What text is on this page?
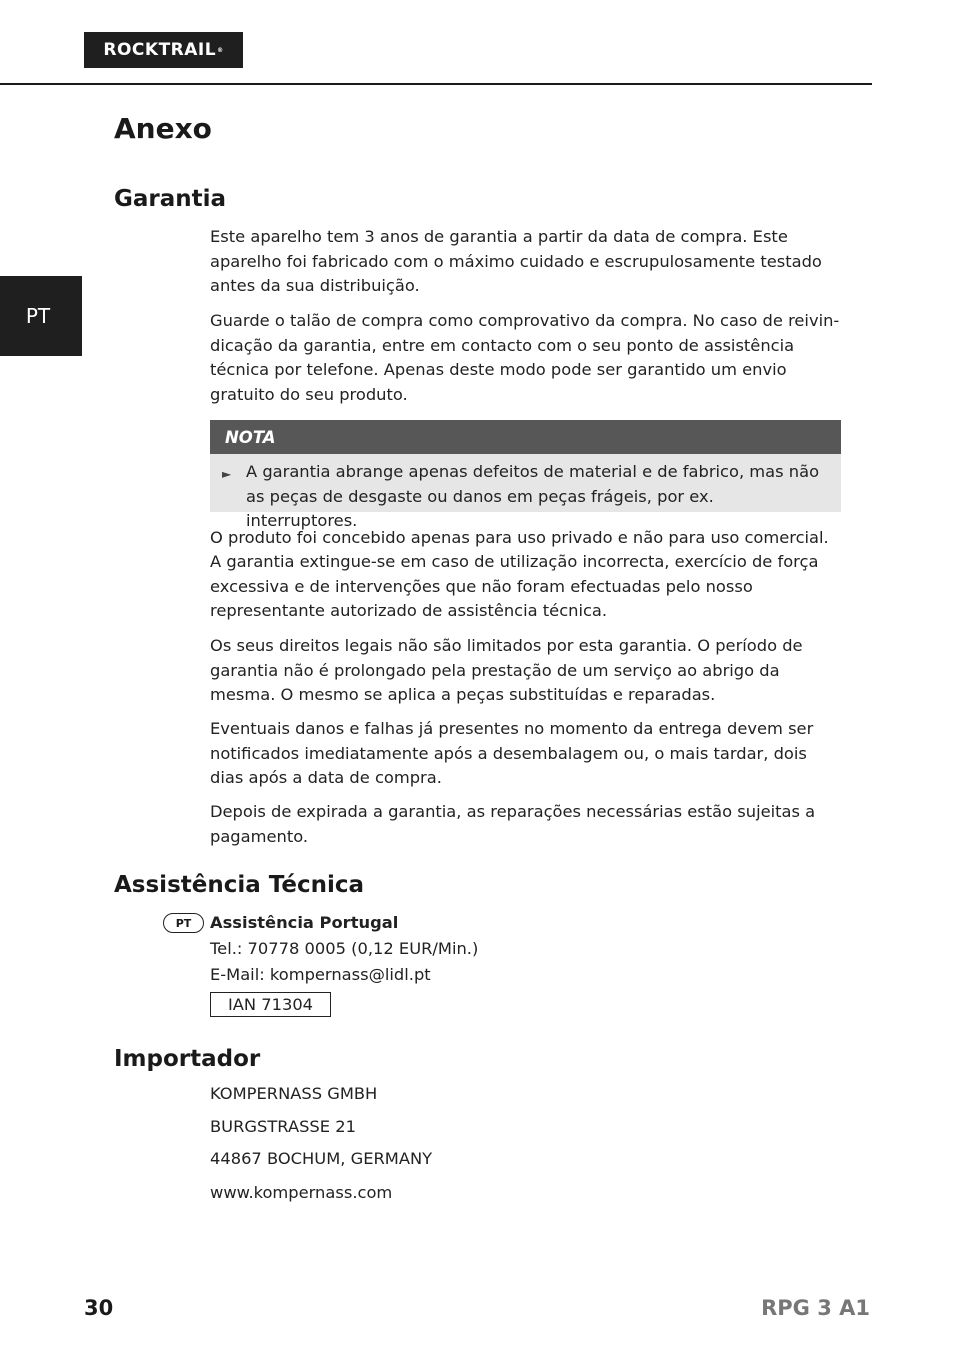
ROCKTRAIL ®
PT
Anexo
Garantia

Este aparelho tem 3 anos de garantia a partir da data de compra. Este aparelho foi fabricado com o máximo cuidado e escrupulosamente testado antes da sua distribuição.

Guarde o talão de compra como comprovativo da compra. No caso de reivin-dicação da garantia, entre em contacto com o seu ponto de assistência técnica por telefone. Apenas deste modo pode ser garantido um envio gratuito do seu produto.

NOTA
► A garantia abrange apenas defeitos de material e de fabrico, mas não as peças de desgaste ou danos em peças frágeis, por ex. interruptores.

O produto foi concebido apenas para uso privado e não para uso comercial.

A garantia extingue-se em caso de utilização incorrecta, exercício de força excessiva e de intervenções que não foram efectuadas pelo nosso representante autorizado de assistência técnica.

Os seus direitos legais não são limitados por esta garantia. O período de garantia não é prolongado pela prestação de um serviço ao abrigo da mesma. O mesmo se aplica a peças substituídas e reparadas.

Eventuais danos e falhas já presentes no momento da entrega devem ser notificados imediatamente após a desembalagem ou, o mais tardar, dois dias após a data de compra.

Depois de expirada a garantia, as reparações necessárias estão sujeitas a pagamento.

Assistência Técnica
PT	Assistência Portugal

Tel.: 70778 0005 (0,12 EUR/Min.)

E-Mail: kompernass@lidl.pt

IAN 71304
Importador

KOMPERNASS GMBH

BURGSTRASSE 21

44867 BOCHUM, GERMANY

www.kompernass.com

30	RPG 3 A1
